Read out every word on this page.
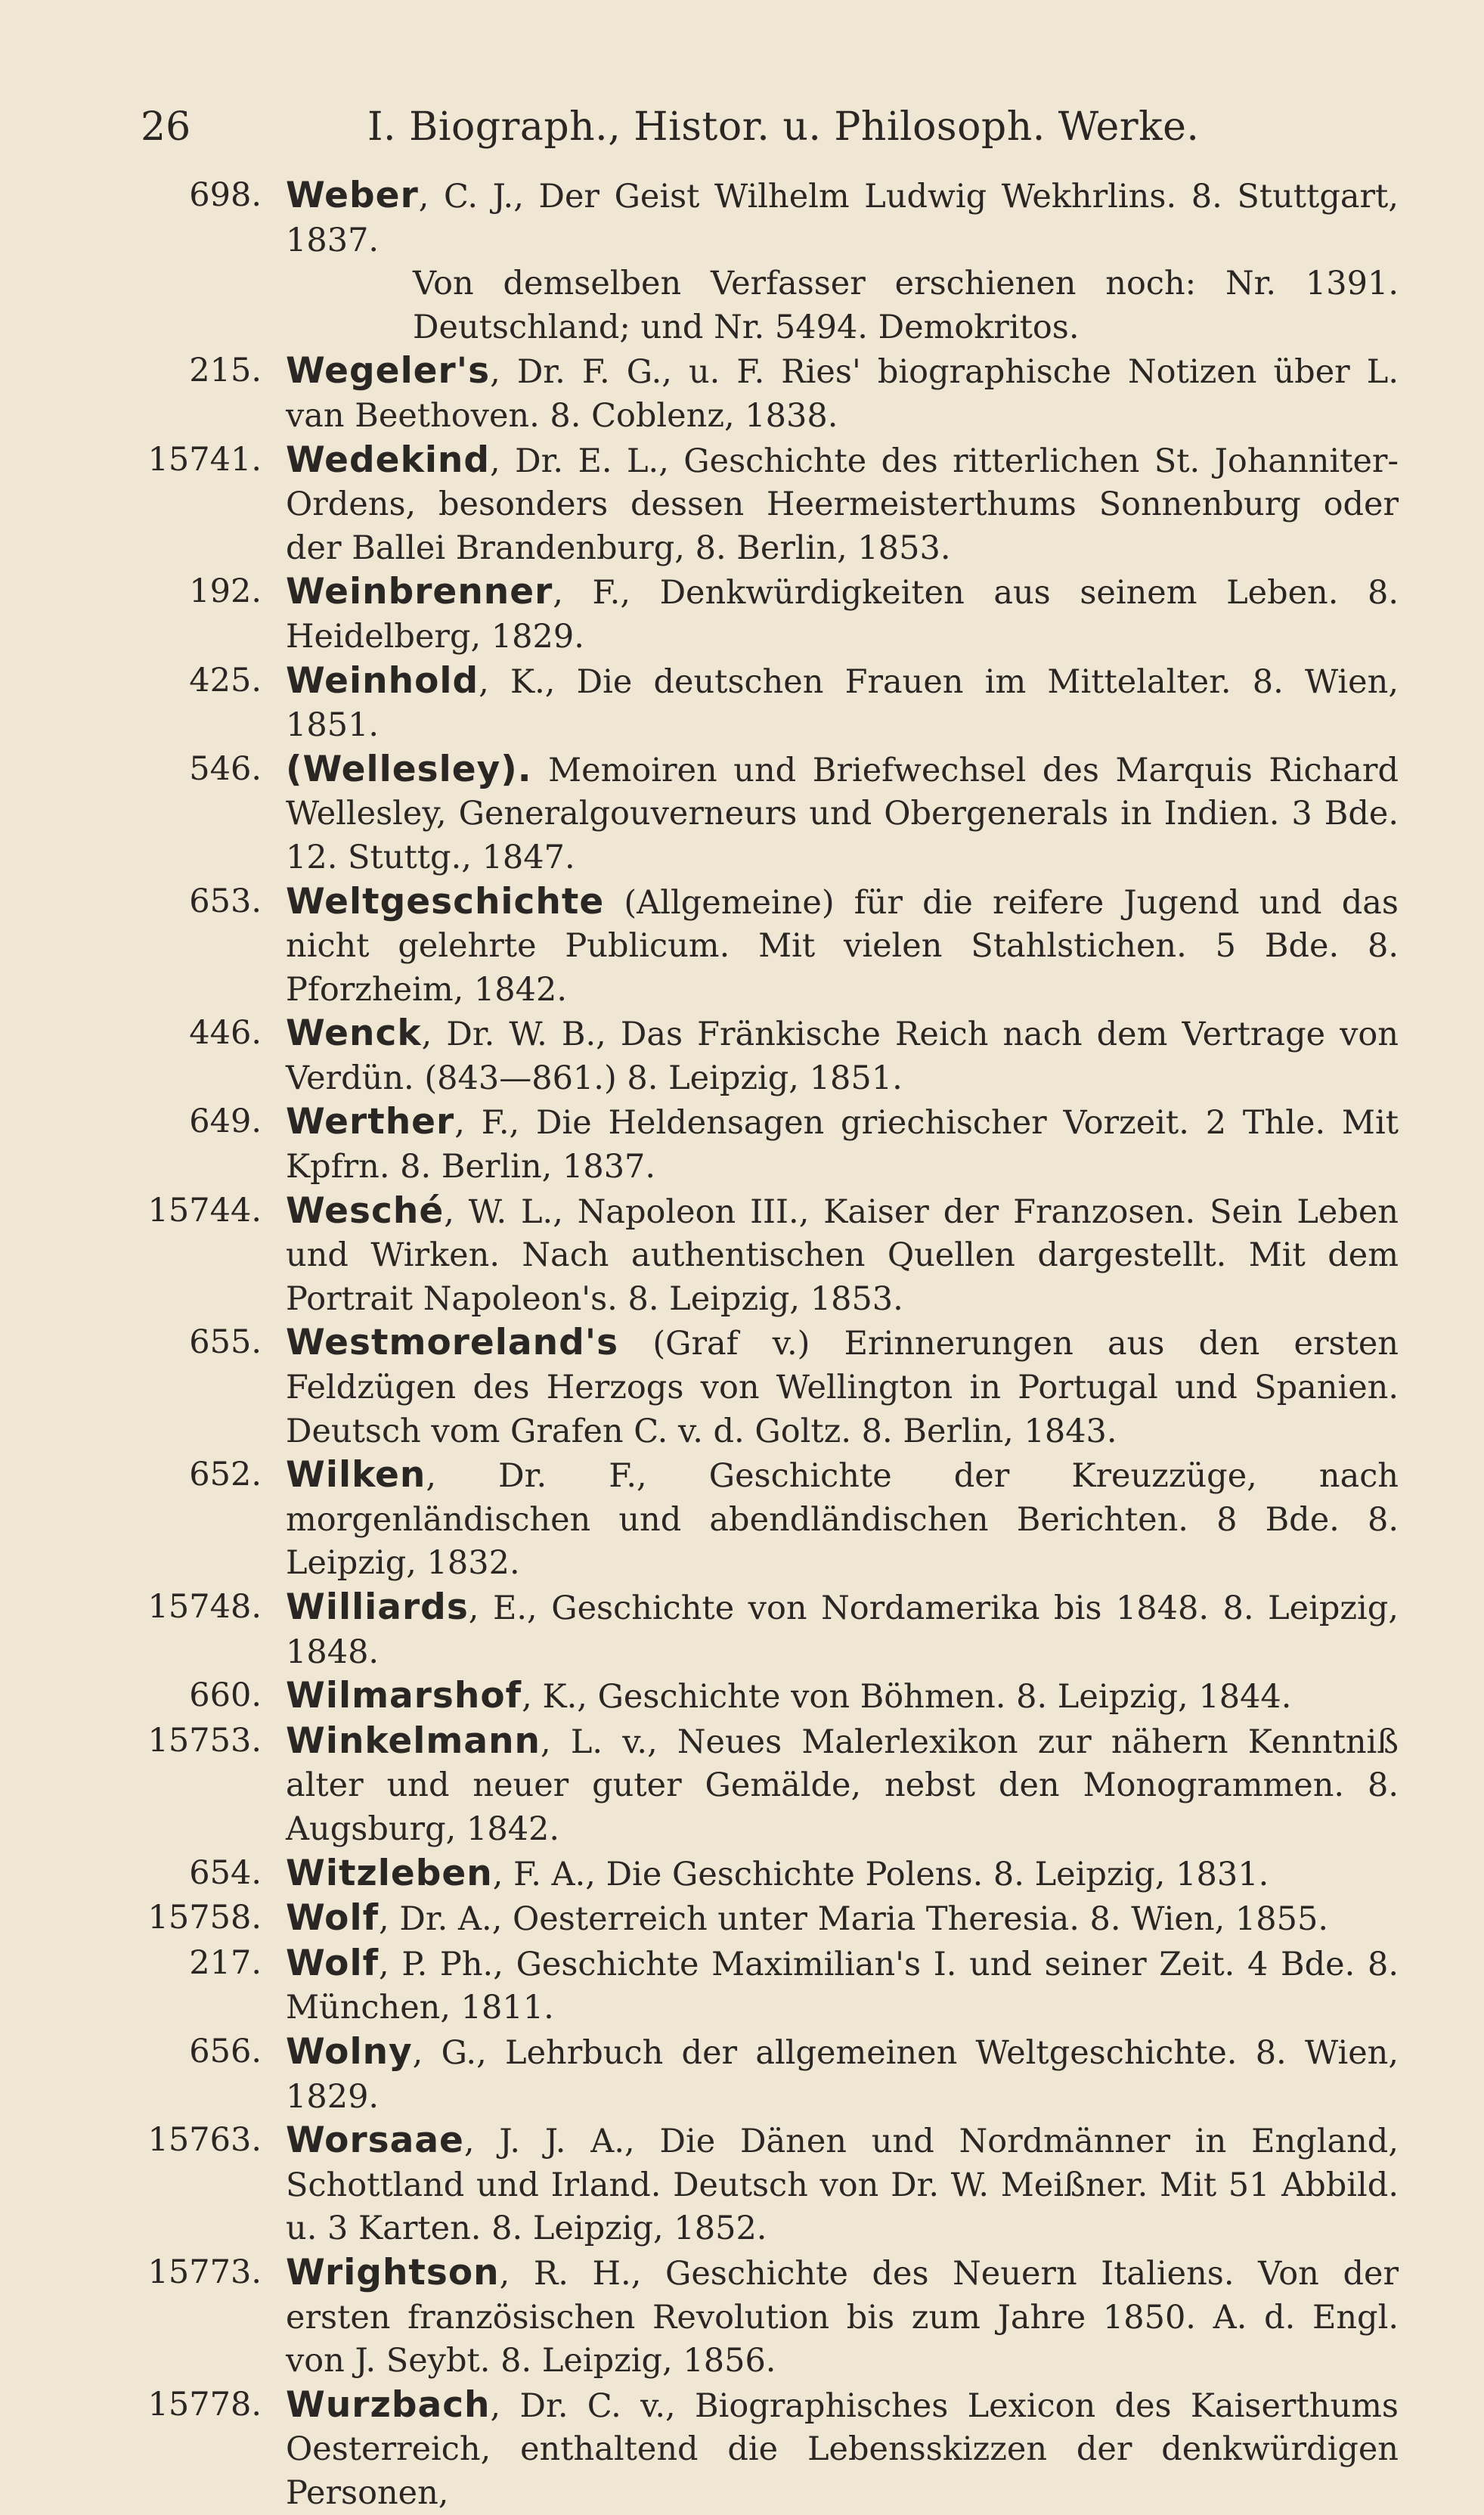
26	I. Biograph., Histor. u. Philosoph. Werke.
698. Weber, C. J., Der Geist Wilhelm Ludwig Wekhrlins. 8. Stuttgart, 1837.
Von demselben Verfasser erschienen noch: Nr. 1391. Deutschland; und Nr. 5494. Demokritos.
215. Wegeler's, Dr. F. G., u. F. Ries' biographische Notizen über L. van Beethoven. 8. Coblenz, 1838.
15741. Wedekind, Dr. E. L., Geschichte des ritterlichen St. Johanniter-Ordens, besonders dessen Heermeisterthums Sonnenburg oder der Ballei Brandenburg, 8. Berlin, 1853.
192. Weinbrenner, F., Denkwürdigkeiten aus seinem Leben. 8. Heidelberg, 1829.
425. Weinhold, K., Die deutschen Frauen im Mittelalter. 8. Wien, 1851.
546. (Wellesley). Memoiren und Briefwechsel des Marquis Richard Wellesley, Generalgouverneurs und Obergenerals in Indien. 3 Bde. 12. Stuttg., 1847.
653. Weltgeschichte (Allgemeine) für die reifere Jugend und das nicht gelehrte Publicum. Mit vielen Stahlstichen. 5 Bde. 8. Pforzheim, 1842.
446. Wenck, Dr. W. B., Das Fränkische Reich nach dem Vertrage von Verdün. (843—861.) 8. Leipzig, 1851.
649. Werther, F., Die Heldensagen griechischer Vorzeit. 2 Thle. Mit Kpfrn. 8. Berlin, 1837.
15744. Wesché, W. L., Napoleon III., Kaiser der Franzosen. Sein Leben und Wirken. Nach authentischen Quellen dargestellt. Mit dem Portrait Napoleon's. 8. Leipzig, 1853.
655. Westmoreland's (Graf v.) Erinnerungen aus den ersten Feldzügen des Herzogs von Wellington in Portugal und Spanien. Deutsch vom Grafen C. v. d. Goltz. 8. Berlin, 1843.
652. Wilken, Dr. F., Geschichte der Kreuzzüge, nach morgenländischen und abendländischen Berichten. 8 Bde. 8. Leipzig, 1832.
15748. Williards, E., Geschichte von Nordamerika bis 1848. 8. Leipzig, 1848.
660. Wilmarshof, K., Geschichte von Böhmen. 8. Leipzig, 1844.
15753. Winkelmann, L. v., Neues Malerlexikon zur nähern Kenntniß alter und neuer guter Gemälde, nebst den Monogrammen. 8. Augsburg, 1842.
654. Witzleben, F. A., Die Geschichte Polens. 8. Leipzig, 1831.
15758. Wolf, Dr. A., Oesterreich unter Maria Theresia. 8. Wien, 1855.
217. Wolf, P. Ph., Geschichte Maximilian's I. und seiner Zeit. 4 Bde. 8. München, 1811.
656. Wolny, G., Lehrbuch der allgemeinen Weltgeschichte. 8. Wien, 1829.
15763. Worsaae, J. J. A., Die Dänen und Nordmänner in England, Schottland und Irland. Deutsch von Dr. W. Meißner. Mit 51 Abbild. u. 3 Karten. 8. Leipzig, 1852.
15773. Wrightson, R. H., Geschichte des Neuern Italiens. Von der ersten französischen Revolution bis zum Jahre 1850. A. d. Engl. von J. Seybt. 8. Leipzig, 1856.
15778. Wurzbach, Dr. C. v., Biographisches Lexicon des Kaiserthums Oesterreich, enthaltend die Lebensskizzen der denkwürdigen Personen,
